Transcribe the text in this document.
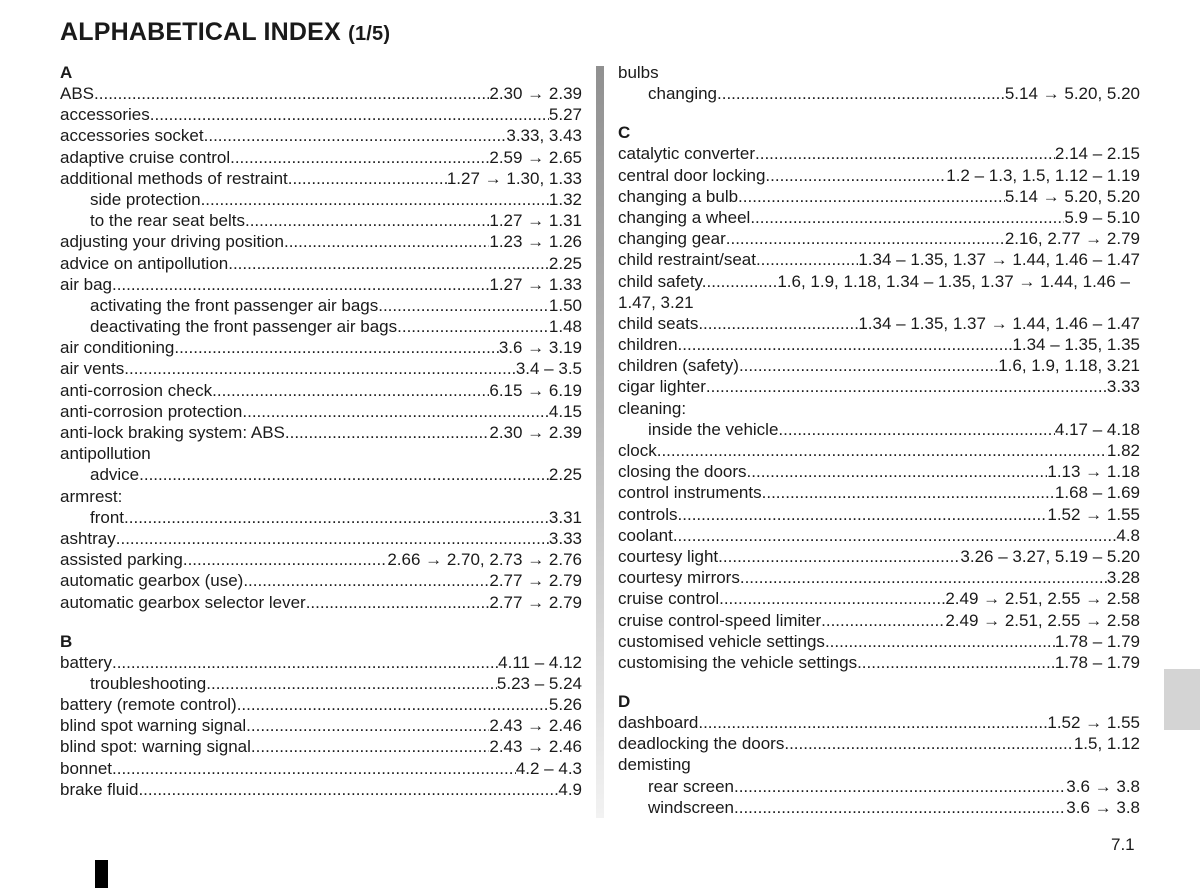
ALPHABETICAL INDEX (1/5)
A
ABS .....	2.30 → 2.39
accessories .....	5.27
accessories socket .....	3.33, 3.43
adaptive cruise control .....	2.59 → 2.65
additional methods of restraint .....	1.27 → 1.30, 1.33
side protection .....	1.32
to the rear seat belts .....	1.27 → 1.31
adjusting your driving position .....	1.23 → 1.26
advice on antipollution .....	2.25
air bag .....	1.27 → 1.33
activating the front passenger air bags .....	1.50
deactivating the front passenger air bags .....	1.48
air conditioning .....	3.6 → 3.19
air vents .....	3.4 – 3.5
anti-corrosion check .....	6.15 → 6.19
anti-corrosion protection .....	4.15
anti-lock braking system: ABS .....	2.30 → 2.39
antipollution
advice .....	2.25
armrest:
front .....	3.31
ashtray .....	3.33
assisted parking .....	2.66 → 2.70, 2.73 → 2.76
automatic gearbox (use) .....	2.77 → 2.79
automatic gearbox selector lever .....	2.77 → 2.79
B
battery .....	4.11 – 4.12
troubleshooting .....	5.23 – 5.24
battery (remote control) .....	5.26
blind spot warning signal .....	2.43 → 2.46
blind spot: warning signal .....	2.43 → 2.46
bonnet .....	4.2 – 4.3
brake fluid .....	4.9
bulbs
changing .....	5.14 → 5.20, 5.20
C
catalytic converter .....	2.14 – 2.15
central door locking .....	1.2 – 1.3, 1.5, 1.12 – 1.19
changing a bulb .....	5.14 → 5.20, 5.20
changing a wheel .....	5.9 – 5.10
changing gear .....	2.16, 2.77 → 2.79
child restraint/seat .....	1.34 – 1.35, 1.37 → 1.44, 1.46 – 1.47
child safety................1.6, 1.9, 1.18, 1.34 – 1.35, 1.37 → 1.44, 1.46 – 1.47, 3.21
child seats .....	1.34 – 1.35, 1.37 → 1.44, 1.46 – 1.47
children .....	1.34 – 1.35, 1.35
children (safety) .....	1.6, 1.9, 1.18, 3.21
cigar lighter .....	3.33
cleaning:
inside the vehicle .....	4.17 – 4.18
clock .....	1.82
closing the doors .....	1.13 → 1.18
control instruments .....	1.68 – 1.69
controls .....	1.52 → 1.55
coolant .....	4.8
courtesy light .....	3.26 – 3.27, 5.19 – 5.20
courtesy mirrors .....	3.28
cruise control .....	2.49 → 2.51, 2.55 → 2.58
cruise control-speed limiter .....	2.49 → 2.51, 2.55 → 2.58
customised vehicle settings .....	1.78 – 1.79
customising the vehicle settings .....	1.78 – 1.79
D
dashboard .....	1.52 → 1.55
deadlocking the doors .....	1.5, 1.12
demisting
rear screen .....	3.6 → 3.8
windscreen .....	3.6 → 3.8
7.1
